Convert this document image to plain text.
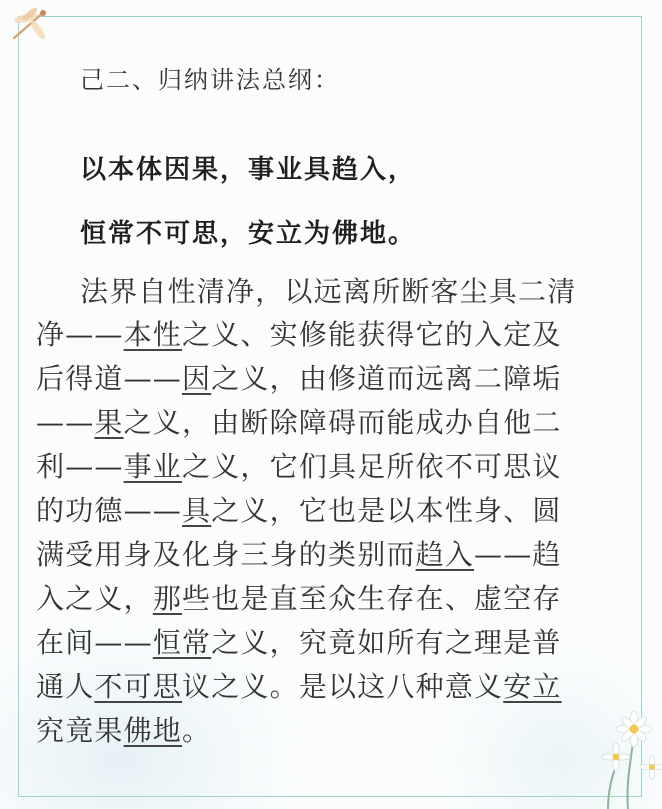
己二、归纳讲法总纲：
以本体因果，事业具趋入，
恒常不可思，安立为佛地。
法界自性清净，以远离所断客尘具二清
净——本性之义、实修能获得它的入定及
后得道——因之义，由修道而远离二障垢
——果之义，由断除障碍而能成办自他二
利——事业之义，它们具足所依不可思议
的功德——具之义，它也是以本性身、圆
满受用身及化身三身的类别而趋入——趋
入之义，那些也是直至众生存在、虚空存
在间——恒常之义，究竟如所有之理是普
通人不可思议之义。是以这八种意义安立
究竟果佛地。
